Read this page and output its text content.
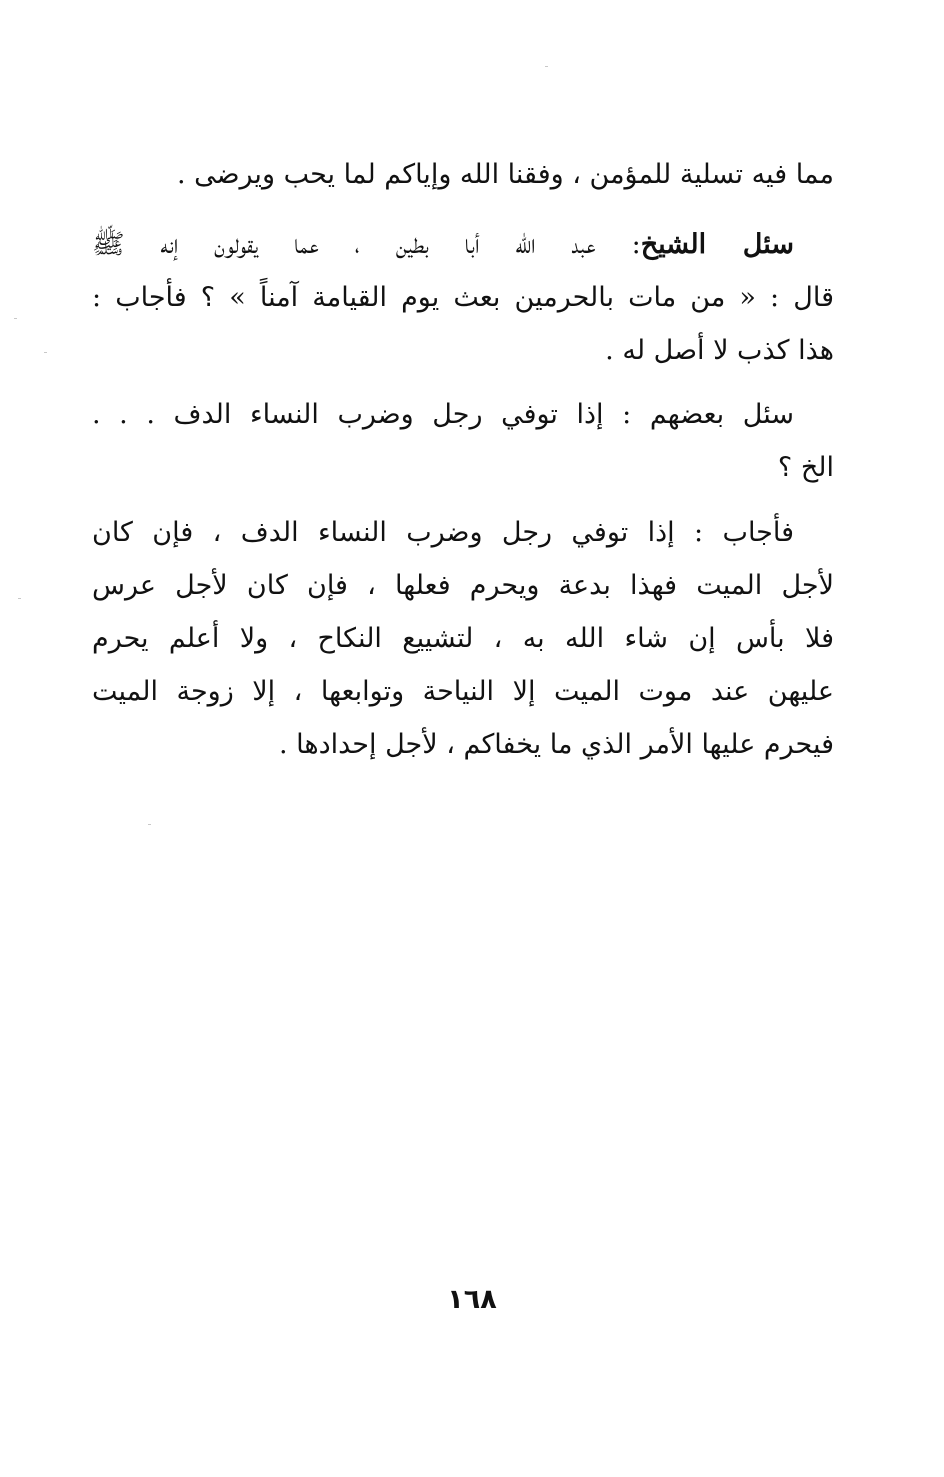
مما فيه تسلية للمؤمن ، وفقنا الله وإياكم لما يحب ويرضى .

سئل الشيخ: عبد الله أبا بطين ، عما يقولون إنه ﷺ
قال : « من مات بالحرمين بعث يوم القيامة آمناً » ؟ فأجاب :
هذا كذب لا أصل له .

سئل بعضهم : إذا توفي رجل وضرب النساء الدف . . .
الخ ؟

فأجاب : إذا توفي رجل وضرب النساء الدف ، فإن كان
لأجل الميت فهذا بدعة ويحرم فعلها ، فإن كان لأجل عرس
فلا بأس إن شاء الله به ، لتشييع النكاح ، ولا أعلم يحرم
عليهن عند موت الميت إلا النياحة وتوابعها ، إلا زوجة الميت
فيحرم عليها الأمر الذي ما يخفاكم ، لأجل إحدادها .

١٦٨
